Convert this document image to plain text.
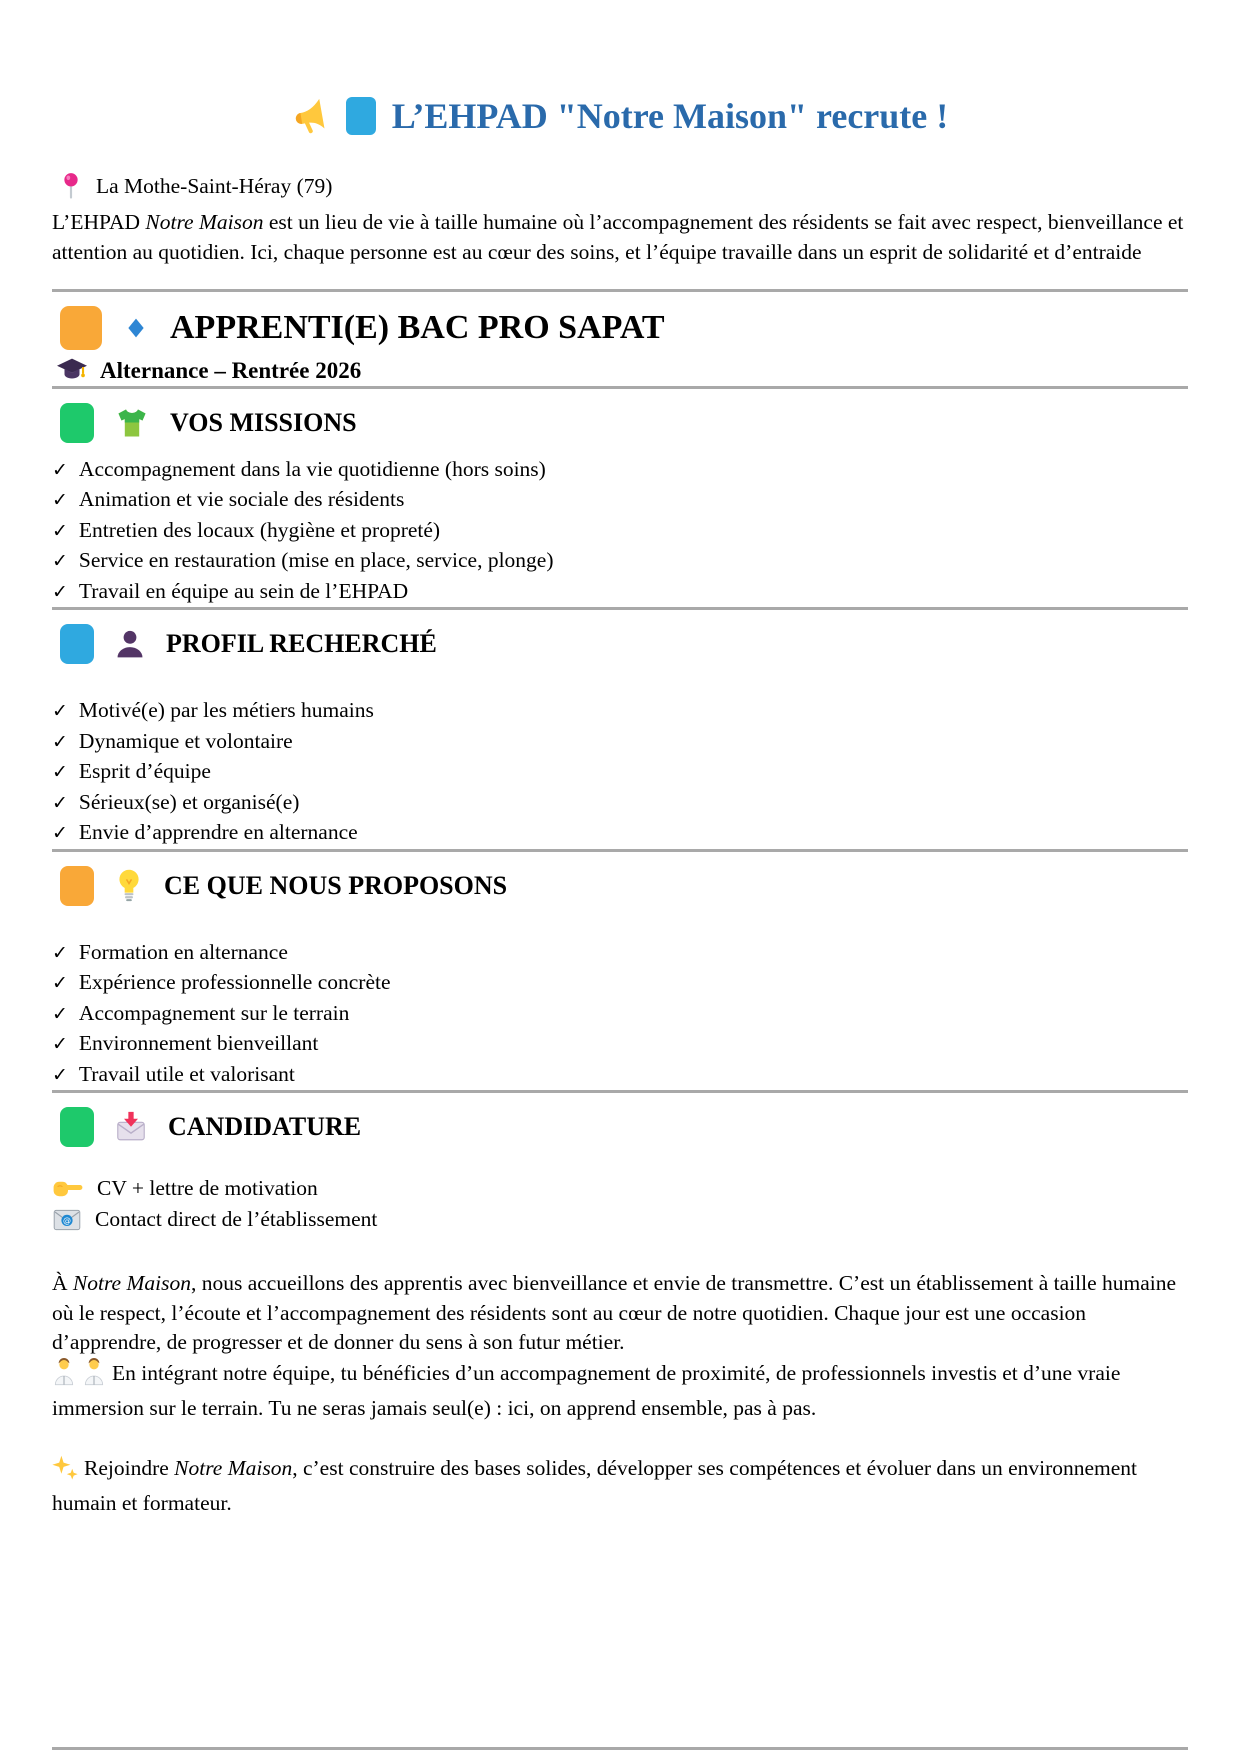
L’EHPAD "Notre Maison" recrute !
La Mothe-Saint-Héray (79)

L’EHPAD Notre Maison est un lieu de vie à taille humaine où l’accompagnement des résidents se fait avec respect, bienveillance et attention au quotidien. Ici, chaque personne est au cœur des soins, et l’équipe travaille dans un esprit de solidarité et d’entraide

APPRENTI(E) BAC PRO SAPAT
Alternance – Rentrée 2026
VOS MISSIONS
✓ Accompagnement dans la vie quotidienne (hors soins)
✓ Animation et vie sociale des résidents
✓ Entretien des locaux (hygiène et propreté)
✓ Service en restauration (mise en place, service, plonge)
✓ Travail en équipe au sein de l’EHPAD
PROFIL RECHERCHÉ
✓ Motivé(e) par les métiers humains
✓ Dynamique et volontaire
✓ Esprit d’équipe
✓ Sérieux(se) et organisé(e)
✓ Envie d’apprendre en alternance
CE QUE NOUS PROPOSONS
✓ Formation en alternance
✓ Expérience professionnelle concrète
✓ Accompagnement sur le terrain
✓ Environnement bienveillant
✓ Travail utile et valorisant
CANDIDATURE
CV + lettre de motivation
@ Contact direct de l’établissement

À Notre Maison, nous accueillons des apprentis avec bienveillance et envie de transmettre. C’est un établissement à taille humaine où le respect, l’écoute et l’accompagnement des résidents sont au cœur de notre quotidien. Chaque jour est une occasion d’apprendre, de progresser et de donner du sens à son futur métier.

En intégrant notre équipe, tu bénéficies d’un accompagnement de proximité, de professionnels investis et d’une vraie immersion sur le terrain. Tu ne seras jamais seul(e) : ici, on apprend ensemble, pas à pas.

Rejoindre Notre Maison, c’est construire des bases solides, développer ses compétences et évoluer dans un environnement humain et formateur.
